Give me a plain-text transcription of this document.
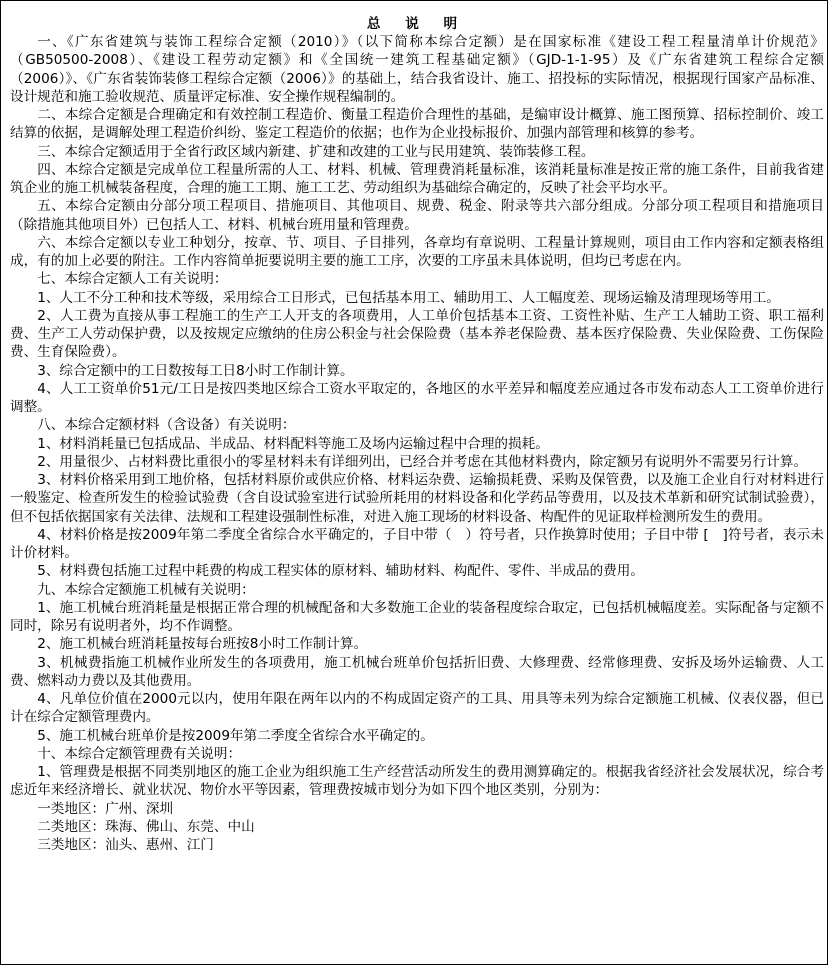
总 说 明

一、《广东省建筑与装饰工程综合定额（2010）》（以下简称本综合定额）是在国家标准《建设工程工程量清单计价规范》（GB50500-2008）、《建设工程劳动定额》和《全国统一建筑工程基础定额》（GJD-1-1-95）及《广东省建筑工程综合定额（2006）》、《广东省装饰装修工程综合定额（2006）》的基础上，结合我省设计、施工、招投标的实际情况，根据现行国家产品标准、设计规范和施工验收规范、质量评定标准、安全操作规程编制的。

二、本综合定额是合理确定和有效控制工程造价、衡量工程造价合理性的基础，是编审设计概算、施工图预算、招标控制价、竣工结算的依据，是调解处理工程造价纠纷、鉴定工程造价的依据；也作为企业投标报价、加强内部管理和核算的参考。

三、本综合定额适用于全省行政区域内新建、扩建和改建的工业与民用建筑、装饰装修工程。

四、本综合定额是完成单位工程量所需的人工、材料、机械、管理费消耗量标准，该消耗量标准是按正常的施工条件，目前我省建筑企业的施工机械装备程度，合理的施工工期、施工工艺、劳动组织为基础综合确定的，反映了社会平均水平。

五、本综合定额由分部分项工程项目、措施项目、其他项目、规费、税金、附录等共六部分组成。分部分项工程项目和措施项目（除措施其他项目外）已包括人工、材料、机械台班用量和管理费。

六、本综合定额以专业工种划分，按章、节、项目、子目排列，各章均有章说明、工程量计算规则，项目由工作内容和定额表格组成，有的加上必要的附注。工作内容简单扼要说明主要的施工工序，次要的工序虽未具体说明，但均已考虑在内。

七、本综合定额人工有关说明：

1、人工不分工种和技术等级，采用综合工日形式，已包括基本用工、辅助用工、人工幅度差、现场运输及清理现场等用工。

2、人工费为直接从事工程施工的生产工人开支的各项费用，人工单价包括基本工资、工资性补贴、生产工人辅助工资、职工福利费、生产工人劳动保护费，以及按规定应缴纳的住房公积金与社会保险费（基本养老保险费、基本医疗保险费、失业保险费、工伤保险费、生育保险费）。

3、综合定额中的工日数按每工日8小时工作制计算。

4、人工工资单价51元/工日是按四类地区综合工资水平取定的，各地区的水平差异和幅度差应通过各市发布动态人工工资单价进行调整。

八、本综合定额材料（含设备）有关说明：

1、材料消耗量已包括成品、半成品、材料配料等施工及场内运输过程中合理的损耗。

2、用量很少、占材料费比重很小的零星材料未有详细列出，已经合并考虑在其他材料费内，除定额另有说明外不需要另行计算。

3、材料价格采用到工地价格，包括材料原价或供应价格、材料运杂费、运输损耗费、采购及保管费，以及施工企业自行对材料进行一般鉴定、检查所发生的检验试验费（含自设试验室进行试验所耗用的材料设备和化学药品等费用，以及技术革新和研究试制试验费），但不包括依据国家有关法律、法规和工程建设强制性标准，对进入施工现场的材料设备、构配件的见证取样检测所发生的费用。

4、材料价格是按2009年第二季度全省综合水平确定的，子目中带（　）符号者，只作换算时使用；子目中带 [　]符号者，表示未计价材料。

5、材料费包括施工过程中耗费的构成工程实体的原材料、辅助材料、构配件、零件、半成品的费用。

九、本综合定额施工机械有关说明：

1、施工机械台班消耗量是根据正常合理的机械配备和大多数施工企业的装备程度综合取定，已包括机械幅度差。实际配备与定额不同时，除另有说明者外，均不作调整。

2、施工机械台班消耗量按每台班按8小时工作制计算。

3、机械费指施工机械作业所发生的各项费用，施工机械台班单价包括折旧费、大修理费、经常修理费、安拆及场外运输费、人工费、燃料动力费以及其他费用。

4、凡单位价值在2000元以内，使用年限在两年以内的不构成固定资产的工具、用具等未列为综合定额施工机械、仪表仪器，但已计在综合定额管理费内。

5、施工机械台班单价是按2009年第二季度全省综合水平确定的。

十、本综合定额管理费有关说明：

1、管理费是根据不同类别地区的施工企业为组织施工生产经营活动所发生的费用测算确定的。根据我省经济社会发展状况，综合考虑近年来经济增长、就业状况、物价水平等因素，管理费按城市划分为如下四个地区类别，分别为：

一类地区：广州、深圳

二类地区：珠海、佛山、东莞、中山

三类地区：汕头、惠州、江门
